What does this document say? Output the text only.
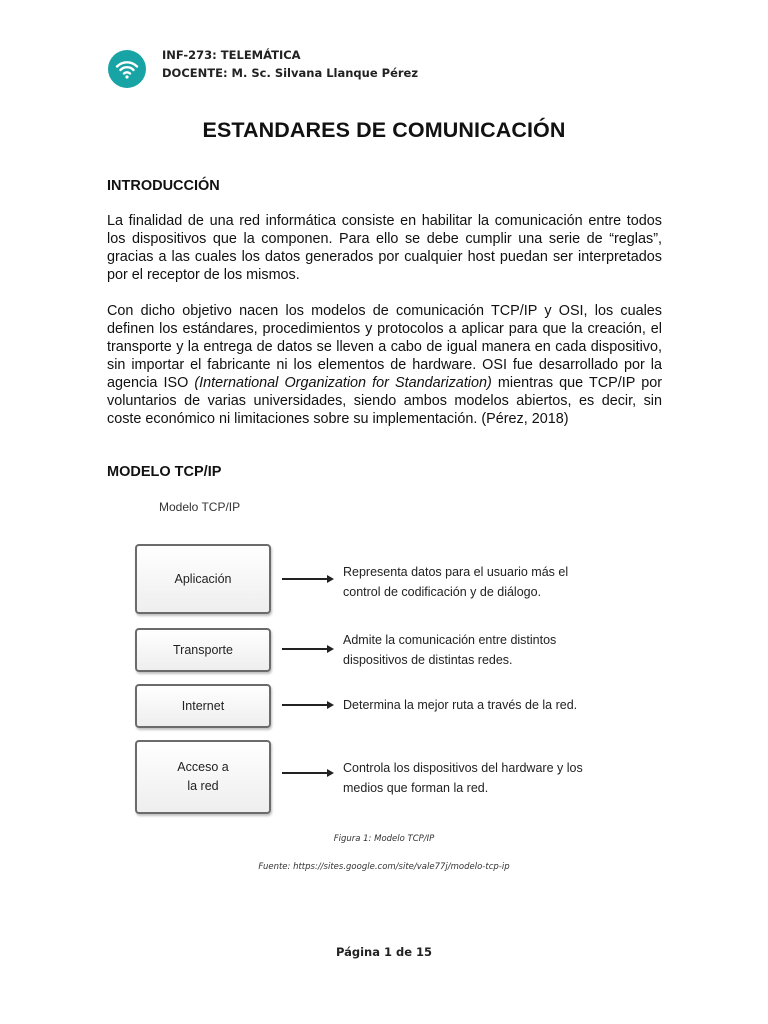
INF-273: TELEMÁTICA
DOCENTE: M. Sc. Silvana Llanque Pérez
ESTANDARES DE COMUNICACIÓN
INTRODUCCIÓN

La finalidad de una red informática consiste en habilitar la comunicación entre todos los dispositivos que la componen. Para ello se debe cumplir una serie de “reglas”, gracias a las cuales los datos generados por cualquier host puedan ser interpretados por el receptor de los mismos.

Con dicho objetivo nacen los modelos de comunicación TCP/IP y OSI, los cuales definen los estándares, procedimientos y protocolos a aplicar para que la creación, el transporte y la entrega de datos se lleven a cabo de igual manera en cada dispositivo, sin importar el fabricante ni los elementos de hardware. OSI fue desarrollado por la agencia ISO (International Organization for Standarization) mientras que TCP/IP por voluntarios de varias universidades, siendo ambos modelos abiertos, es decir, sin coste económico ni limitaciones sobre su implementación. (Pérez, 2018)

MODELO TCP/IP
Modelo TCP/IP
Aplicación	Representa datos para el usuario más el control de codificación y de diálogo.
Transporte
Admite la comunicación entre distintos dispositivos de distintas redes.
Internet	Determina la mejor ruta a través de la red.
Acceso a la red
Controla los dispositivos del hardware y los medios que forman la red.
Figura 1: Modelo TCP/IP
Fuente: https://sites.google.com/site/vale77j/modelo-tcp-ip
Página 1 de 15
